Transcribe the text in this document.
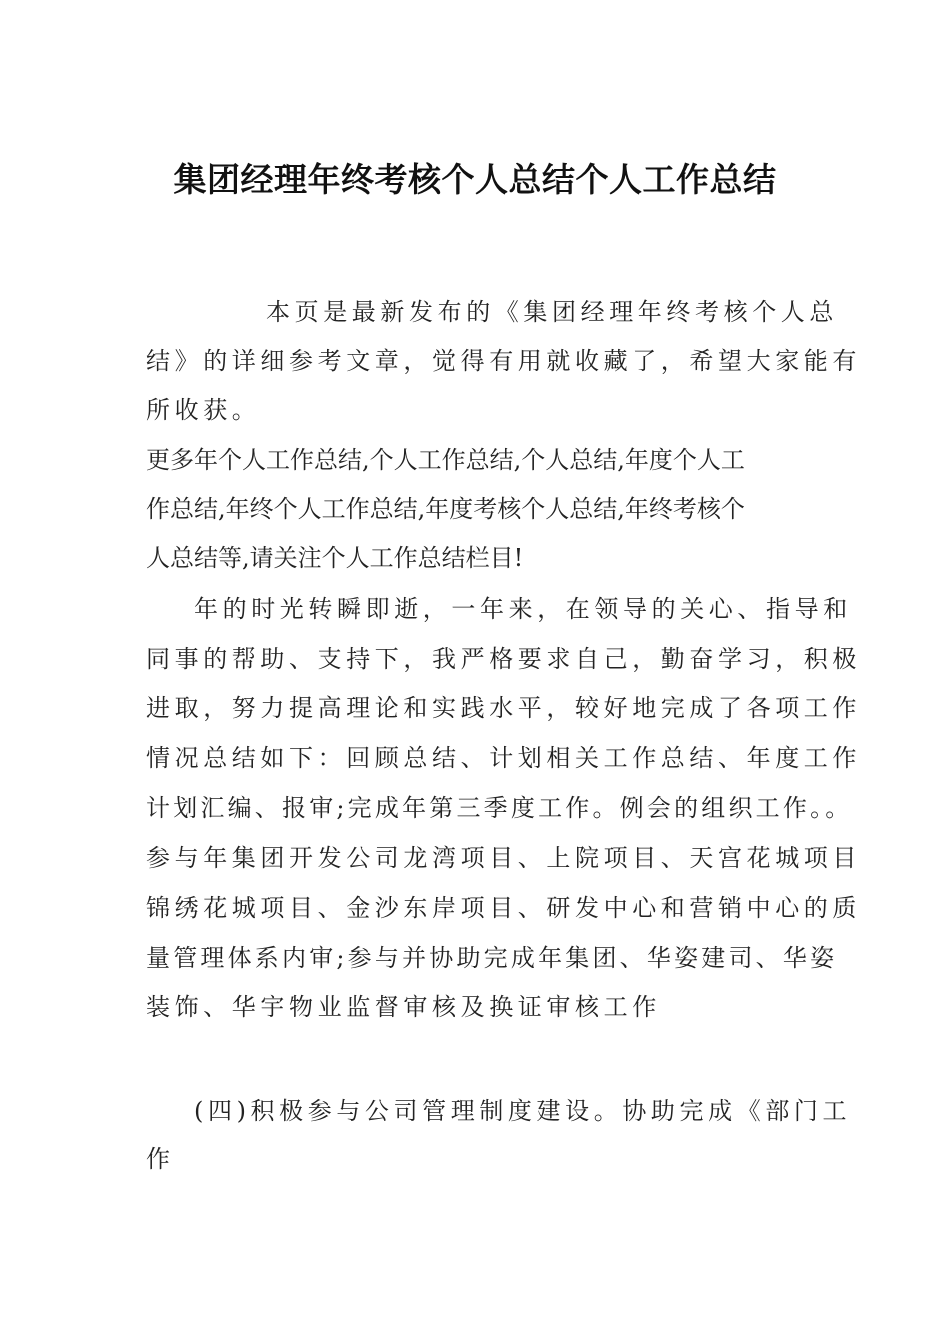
集团经理年终考核个人总结个人工作总结
本页是最新发布的《集团经理年终考核个人总
结》的详细参考文章，觉得有用就收藏了，希望大家能有
所收获。
更多年个人工作总结,个人工作总结,个人总结,年度个人工
作总结,年终个人工作总结,年度考核个人总结,年终考核个
人总结等,请关注个人工作总结栏目!
年的时光转瞬即逝，一年来，在领导的关心、指导和
同事的帮助、支持下，我严格要求自己，勤奋学习，积极
进取，努力提高理论和实践水平，较好地完成了各项工作
情况总结如下：回顾总结、计划相关工作总结、年度工作
计划汇编、报审;完成年第三季度工作。例会的组织工作。。
参与年集团开发公司龙湾项目、上院项目、天宫花城项目
锦绣花城项目、金沙东岸项目、研发中心和营销中心的质
量管理体系内审;参与并协助完成年集团、华姿建司、华姿
装饰、华宇物业监督审核及换证审核工作
(四)积极参与公司管理制度建设。协助完成《部门工
作
